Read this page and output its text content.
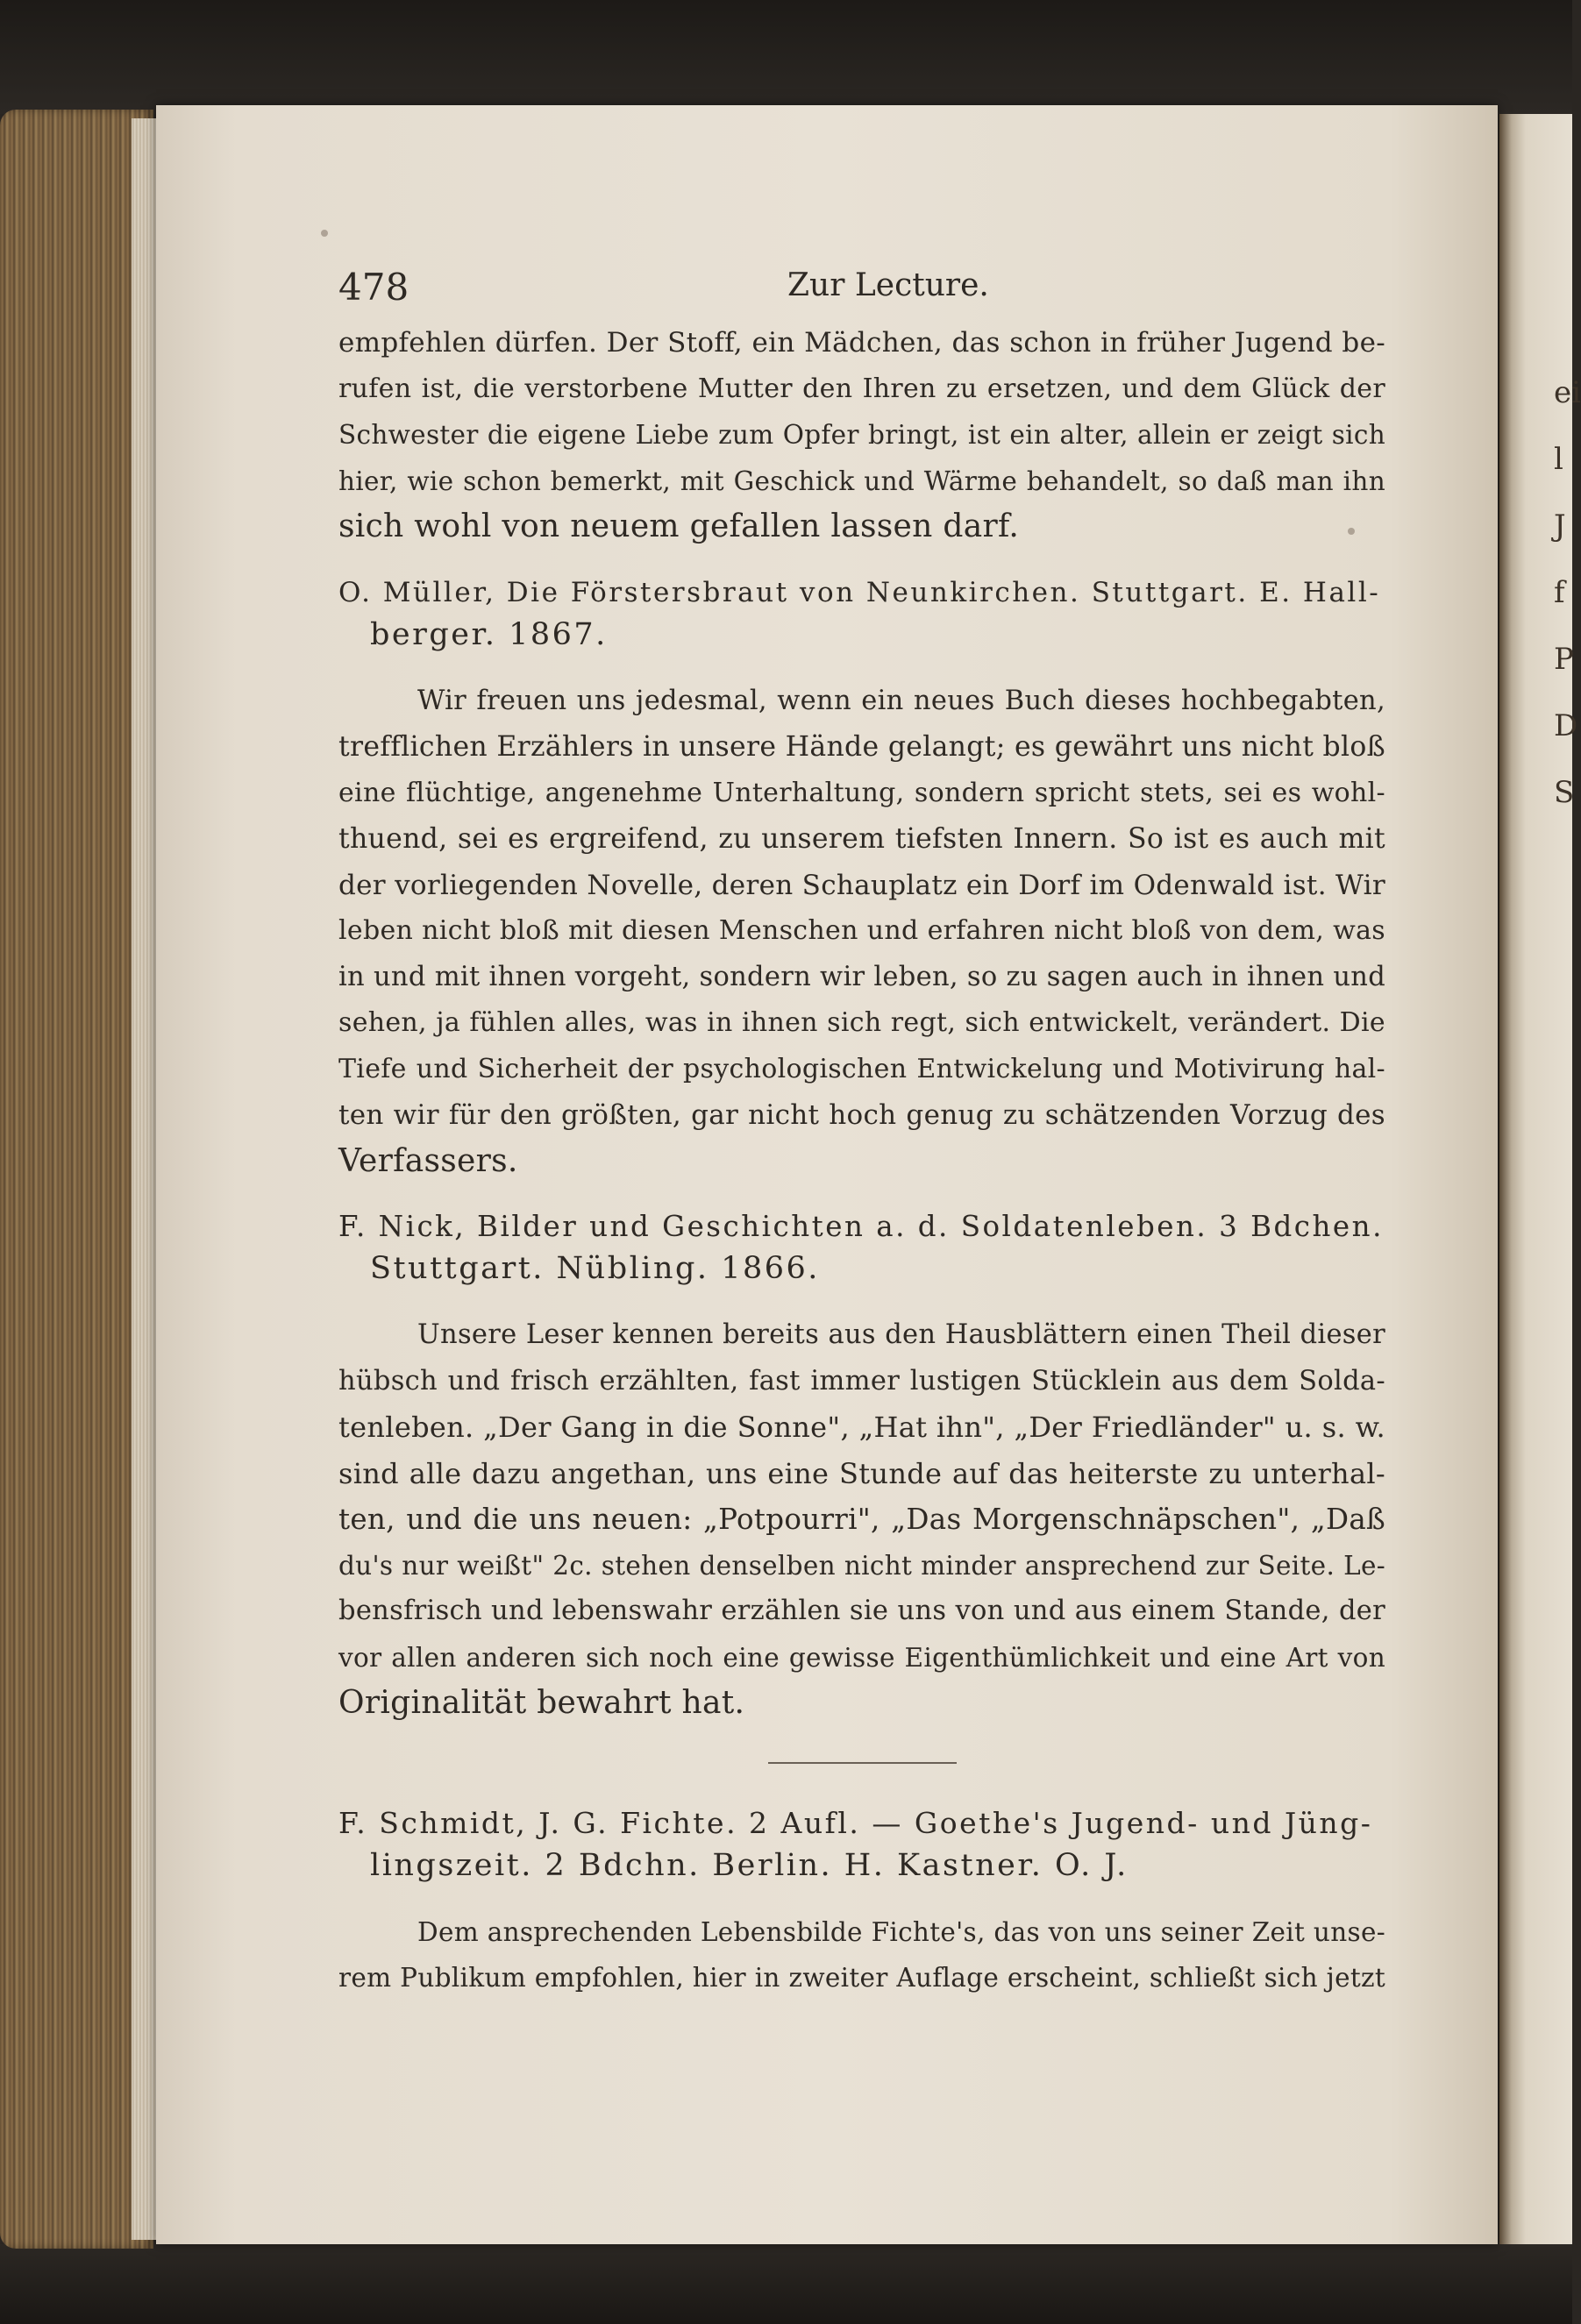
ei
l
J
f
P
D
S
478	Zur Lecture.

empfehlen dürfen. Der Stoff, ein Mädchen, das schon in früher Jugend be-
rufen ist, die verstorbene Mutter den Ihren zu ersetzen, und dem Glück der
Schwester die eigene Liebe zum Opfer bringt, ist ein alter, allein er zeigt sich
hier, wie schon bemerkt, mit Geschick und Wärme behandelt, so daß man ihn
sich wohl von neuem gefallen lassen darf.

O. Müller, Die Förstersbraut von Neunkirchen. Stuttgart. E. Hall-
berger. 1867.

Wir freuen uns jedesmal, wenn ein neues Buch dieses hochbegabten,
trefflichen Erzählers in unsere Hände gelangt; es gewährt uns nicht bloß
eine flüchtige, angenehme Unterhaltung, sondern spricht stets, sei es wohl-
thuend, sei es ergreifend, zu unserem tiefsten Innern. So ist es auch mit
der vorliegenden Novelle, deren Schauplatz ein Dorf im Odenwald ist. Wir
leben nicht bloß mit diesen Menschen und erfahren nicht bloß von dem, was
in und mit ihnen vorgeht, sondern wir leben, so zu sagen auch in ihnen und
sehen, ja fühlen alles, was in ihnen sich regt, sich entwickelt, verändert. Die
Tiefe und Sicherheit der psychologischen Entwickelung und Motivirung hal-
ten wir für den größten, gar nicht hoch genug zu schätzenden Vorzug des
Verfassers.

F. Nick, Bilder und Geschichten a. d. Soldatenleben. 3 Bdchen.
Stuttgart. Nübling. 1866.

Unsere Leser kennen bereits aus den Hausblättern einen Theil dieser
hübsch und frisch erzählten, fast immer lustigen Stücklein aus dem Solda-
tenleben. „Der Gang in die Sonne", „Hat ihn", „Der Friedländer" u. s. w.
sind alle dazu angethan, uns eine Stunde auf das heiterste zu unterhal-
ten, und die uns neuen: „Potpourri", „Das Morgenschnäpschen", „Daß
du's nur weißt" 2c. stehen denselben nicht minder ansprechend zur Seite. Le-
bensfrisch und lebenswahr erzählen sie uns von und aus einem Stande, der
vor allen anderen sich noch eine gewisse Eigenthümlichkeit und eine Art von
Originalität bewahrt hat.

F. Schmidt, J. G. Fichte. 2 Aufl. — Goethe's Jugend- und Jüng-
lingszeit. 2 Bdchn. Berlin. H. Kastner. O. J.

Dem ansprechenden Lebensbilde Fichte's, das von uns seiner Zeit unse-
rem Publikum empfohlen, hier in zweiter Auflage erscheint, schließt sich jetzt
